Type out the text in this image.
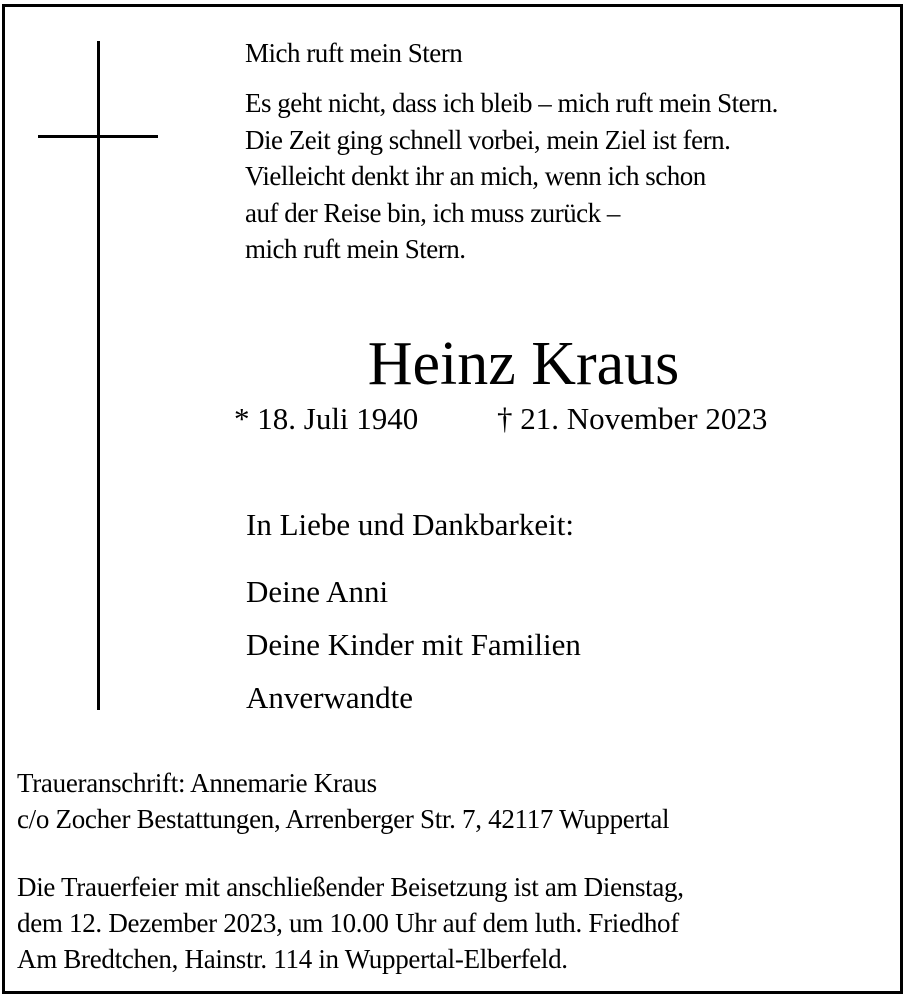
Mich ruft mein Stern
Es geht nicht, dass ich bleib – mich ruft mein Stern.
Die Zeit ging schnell vorbei, mein Ziel ist fern.
Vielleicht denkt ihr an mich, wenn ich schon
auf der Reise bin, ich muss zurück –
mich ruft mein Stern.
Heinz Kraus
* 18. Juli 1940	† 21. November 2023
In Liebe und Dankbarkeit:
Deine Anni
Deine Kinder mit Familien
Anverwandte
Traueranschrift: Annemarie Kraus
c/o Zocher Bestattungen, Arrenberger Str. 7, 42117 Wuppertal
Die Trauerfeier mit anschließender Beisetzung ist am Dienstag,
dem 12. Dezember 2023, um 10.00 Uhr auf dem luth. Friedhof
Am Bredtchen, Hainstr. 114 in Wuppertal-Elberfeld.
